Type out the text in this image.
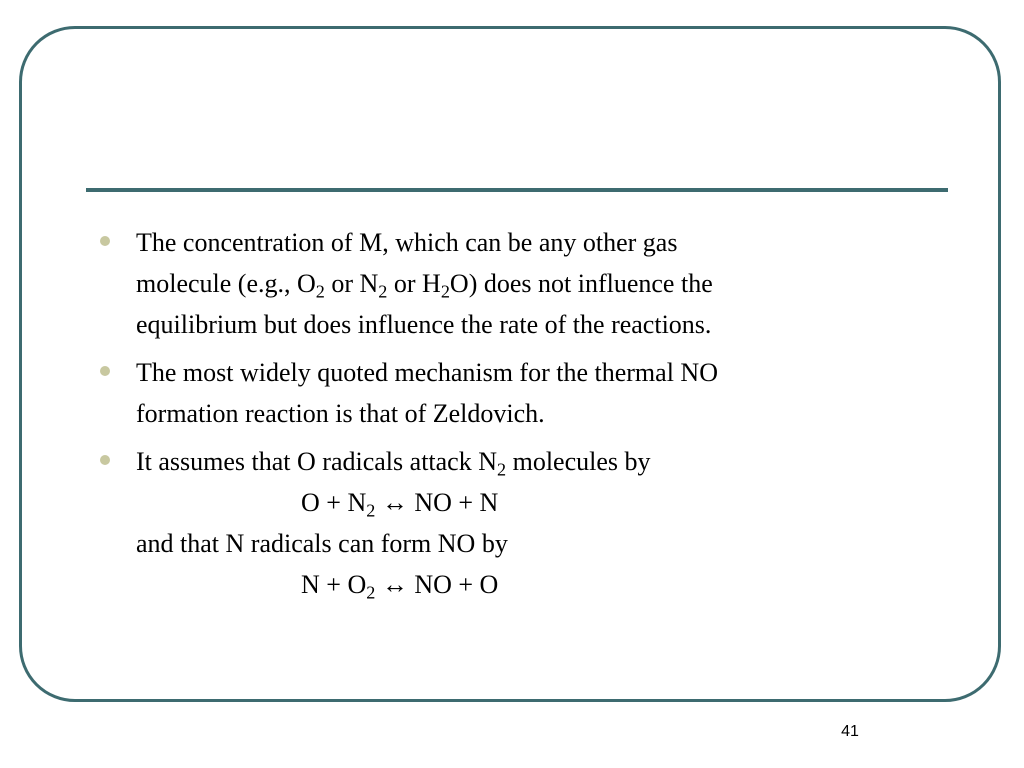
The concentration of M, which can be any other gas
molecule (e.g., $O_2$ or $N_2$ or $H_2O$) does not influence the
equilibrium but does influence the rate of the reactions.
The most widely quoted mechanism for the thermal NO
formation reaction is that of Zeldovich.
It assumes that O radicals attack $N_2$ molecules by
$O + N_2$ ↔ NO + N
and that N radicals can form NO by
$N + O_2$ ↔ NO + O
41
